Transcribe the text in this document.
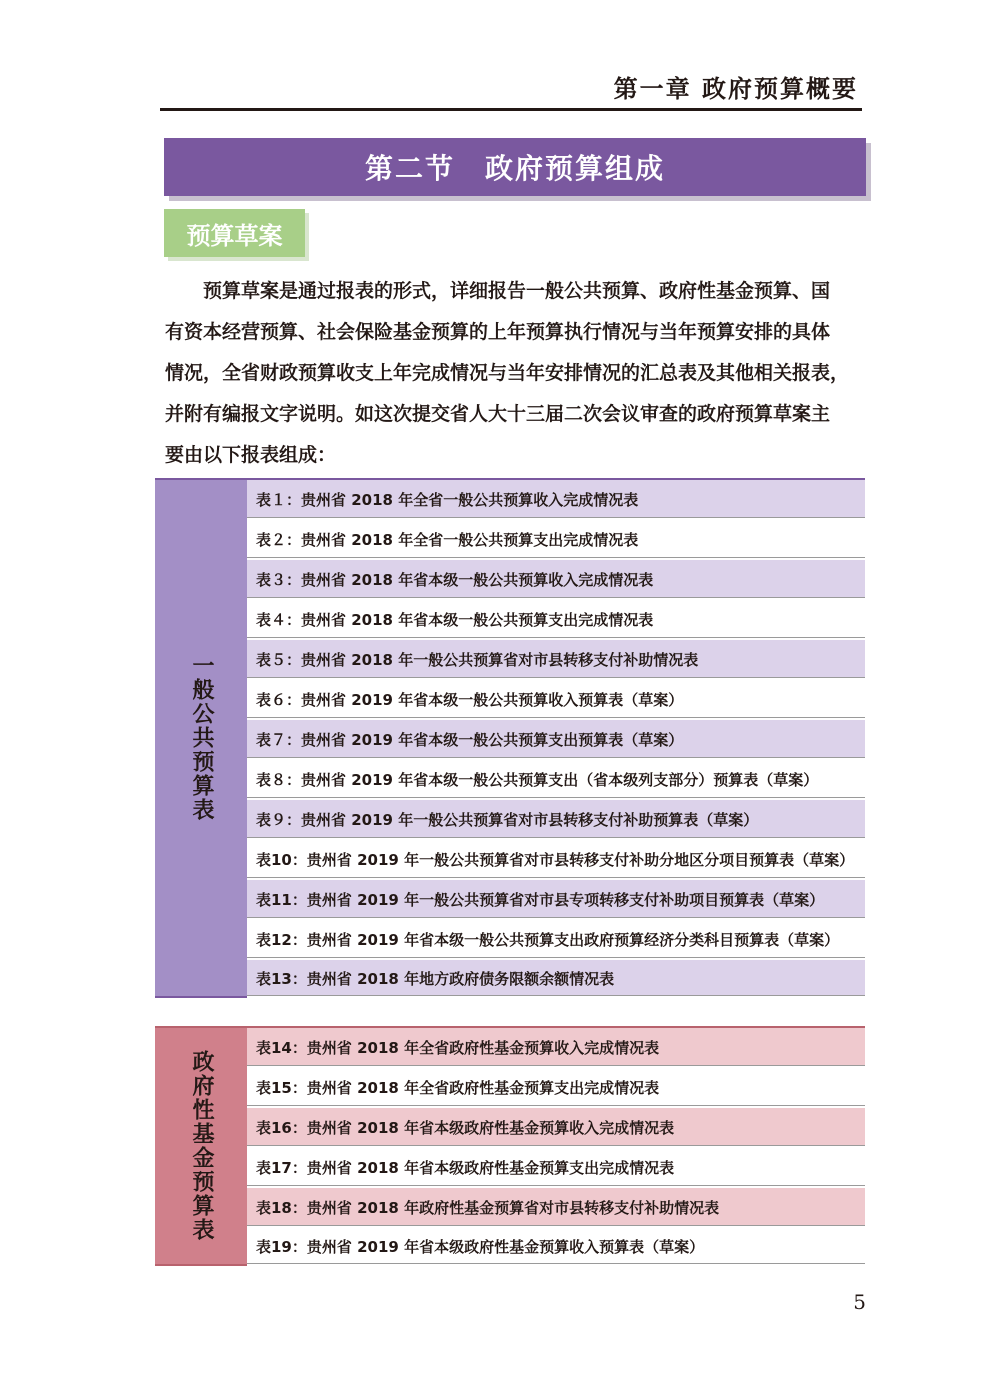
第一章 政府预算概要
第二节　政府预算组成
预算草案

预算草案是通过报表的形式，详细报告一般公共预算、政府性基金预算、国

有资本经营预算、社会保险基金预算的上年预算执行情况与当年预算安排的具体

情况，全省财政预算收支上年完成情况与当年安排情况的汇总表及其他相关报表，

并附有编报文字说明。如这次提交省人大十三届二次会议审查的政府预算草案主

要由以下报表组成：

一般公共预算表
表１：贵州省 2018 年全省一般公共预算收入完成情况表
表２：贵州省 2018 年全省一般公共预算支出完成情况表
表３：贵州省 2018 年省本级一般公共预算收入完成情况表
表４：贵州省 2018 年省本级一般公共预算支出完成情况表
表５：贵州省 2018 年一般公共预算省对市县转移支付补助情况表
表６：贵州省 2019 年省本级一般公共预算收入预算表（草案）
表７：贵州省 2019 年省本级一般公共预算支出预算表（草案）
表８：贵州省 2019 年省本级一般公共预算支出（省本级列支部分）预算表（草案）
表９：贵州省 2019 年一般公共预算省对市县转移支付补助预算表（草案）
表10：贵州省 2019 年一般公共预算省对市县转移支付补助分地区分项目预算表（草案）
表11：贵州省 2019 年一般公共预算省对市县专项转移支付补助项目预算表（草案）
表12：贵州省 2019 年省本级一般公共预算支出政府预算经济分类科目预算表（草案）
表13：贵州省 2018 年地方政府债务限额余额情况表
政府性基金预算表
表14：贵州省 2018 年全省政府性基金预算收入完成情况表
表15：贵州省 2018 年全省政府性基金预算支出完成情况表
表16：贵州省 2018 年省本级政府性基金预算收入完成情况表
表17：贵州省 2018 年省本级政府性基金预算支出完成情况表
表18：贵州省 2018 年政府性基金预算省对市县转移支付补助情况表
表19：贵州省 2019 年省本级政府性基金预算收入预算表（草案）
5
